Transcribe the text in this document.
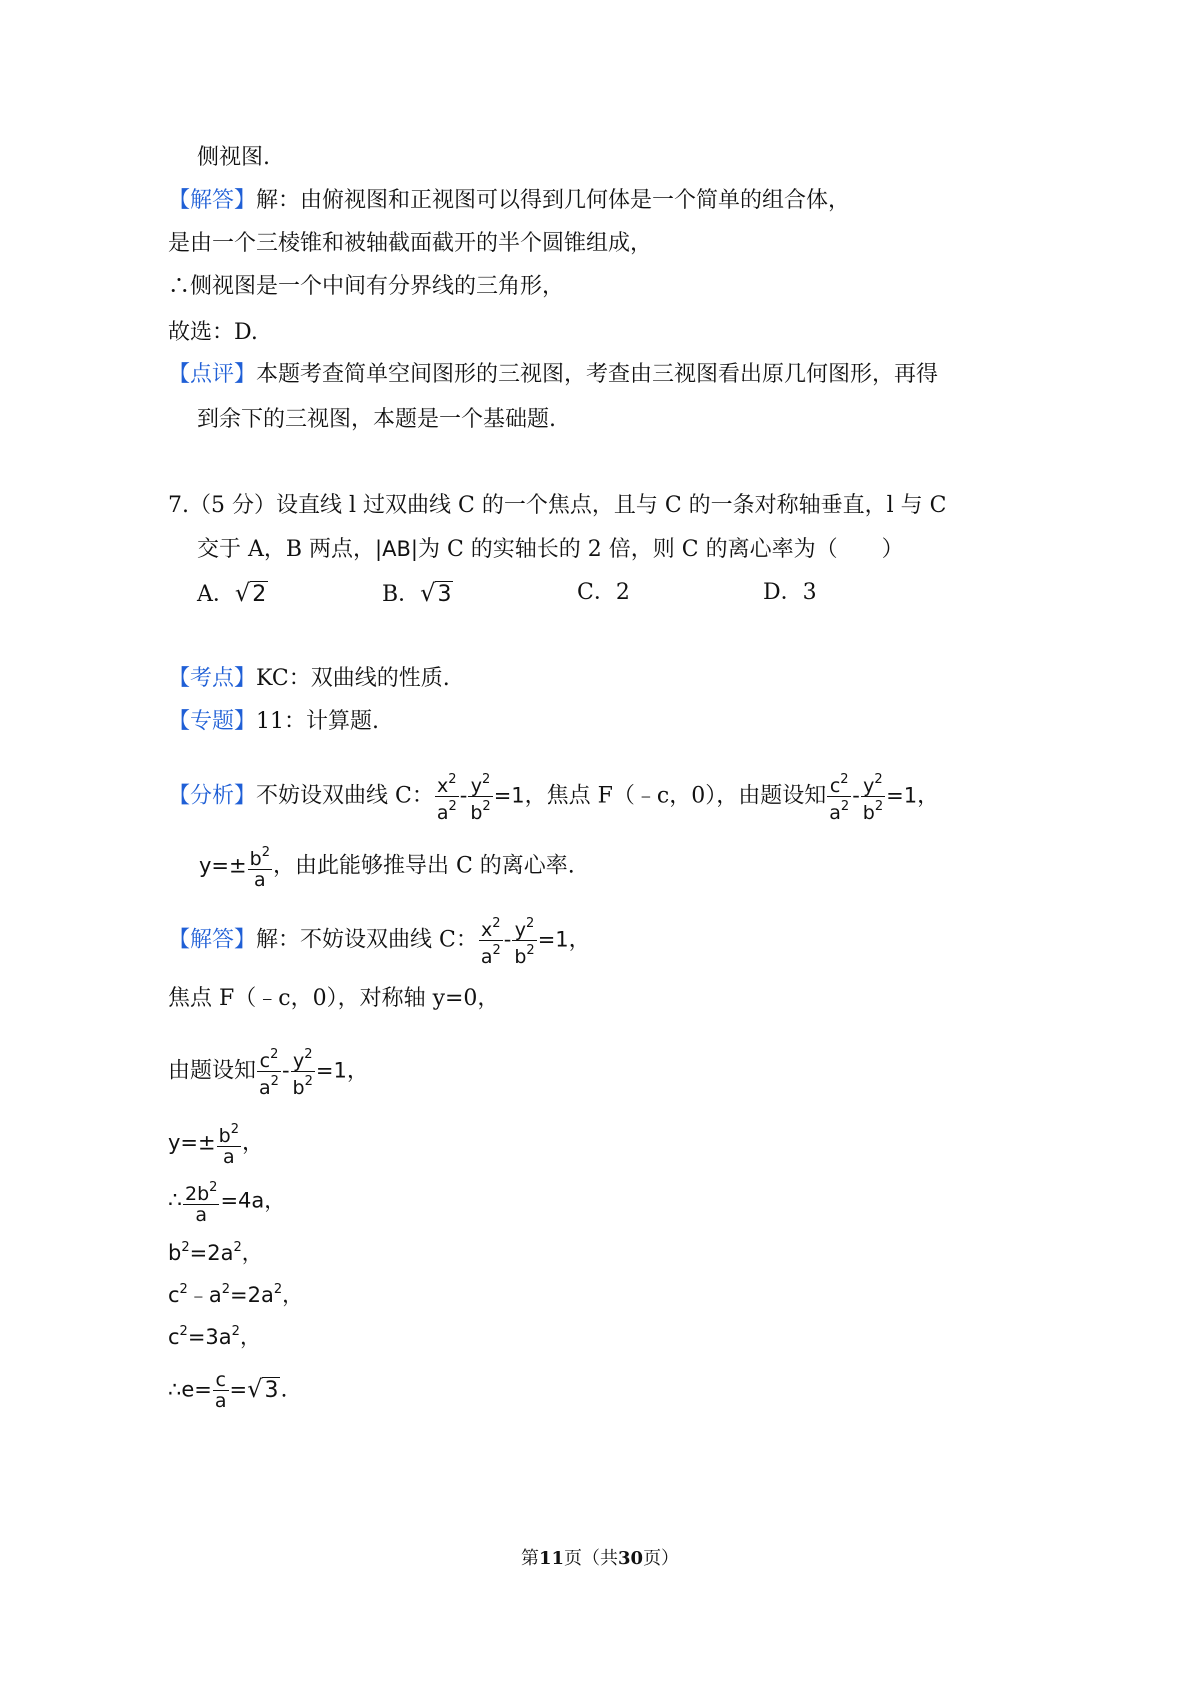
侧视图.
【解答】解：由俯视图和正视图可以得到几何体是一个简单的组合体，
是由一个三棱锥和被轴截面截开的半个圆锥组成，
∴侧视图是一个中间有分界线的三角形，
故选：D.
【点评】本题考查简单空间图形的三视图，考查由三视图看出原几何图形，再得
到余下的三视图，本题是一个基础题.
7.（5 分）设直线 l 过双曲线 C 的一个焦点，且与 C 的一条对称轴垂直，l 与 C
交于 A，B 两点，|AB|为 C 的实轴长的 2 倍，则 C 的离心率为（　　）
A．√2	B．√3	C．2	D．3
【考点】KC：双曲线的性质.
【专题】11：计算题.
【分析】不妨设双曲线 C： $\frac{x^2}{a^2} - \frac{y^2}{b^2} =1$，焦点 F（﹣c，0），由题设知 $\frac{c^2}{a^2} - \frac{y^2}{b^2} =1$，
$y=\pm \frac{b^2}{a}$ ，由此能够推导出 C 的离心率.
【解答】解：不妨设双曲线 C： $\frac{x^2}{a^2} - \frac{y^2}{b^2} =1$，
焦点 F（﹣c，0），对称轴 y=0，
由题设知 $\frac{c^2}{a^2} - \frac{y^2}{b^2} =1$，
$y=\pm \frac{b^2}{a}$ ，
∴ $\frac{2b^2}{a} =4a$，
$b^2=2a^2$，
$c^2﹣a^2=2a^2$，
$c^2=3a^2$，
∴e= $\frac{c}{a} =√3$.
第11页（共30页）
